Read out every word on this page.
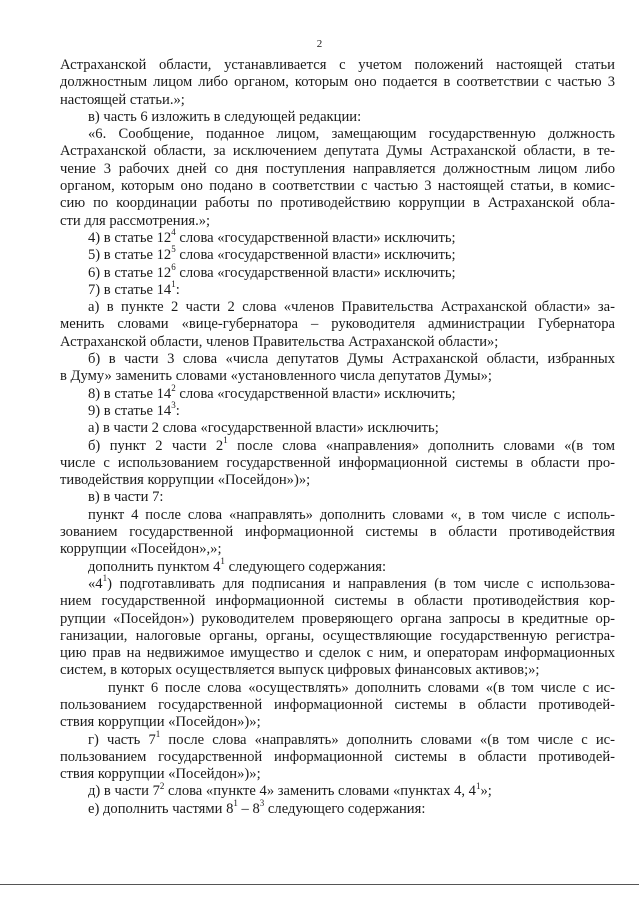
2

Астраханской области, устанавливается с учетом положений настоящей статьи

должностным лицом либо органом, которым оно подается в соответствии с частью 3

настоящей статьи.»;

в) часть 6 изложить в следующей редакции:

«6. Сообщение, поданное лицом, замещающим государственную должность

Астраханской области, за исключением депутата Думы Астраханской области, в те-

чение 3 рабочих дней со дня поступления направляется должностным лицом либо

органом, которым оно подано в соответствии с частью 3 настоящей статьи, в комис-

сию по координации работы по противодействию коррупции в Астраханской обла-

сти для рассмотрения.»;

4) в статье $12^4$ слова «государственной власти» исключить;

5) в статье $12^5$ слова «государственной власти» исключить;

6) в статье $12^6$ слова «государственной власти» исключить;

7) в статье $14^1$:

а) в пункте 2 части 2 слова «членов Правительства Астраханской области» за-

менить словами «вице-губернатора – руководителя администрации Губернатора

Астраханской области, членов Правительства Астраханской области»;

б) в части 3 слова «числа депутатов Думы Астраханской области, избранных

в Думу» заменить словами «установленного числа депутатов Думы»;

8) в статье $14^2$ слова «государственной власти» исключить;

9) в статье $14^3$:

а) в части 2 слова «государственной власти» исключить;

б) пункт 2 части $2^1$ после слова «направления» дополнить словами «(в том

числе с использованием государственной информационной системы в области про-

тиводействия коррупции «Посейдон»)»;

в) в части 7:

пункт 4 после слова «направлять» дополнить словами «, в том числе с исполь-

зованием государственной информационной системы в области противодействия

коррупции «Посейдон»,»;

дополнить пунктом $4^1$ следующего содержания:

«$4^1$) подготавливать для подписания и направления (в том числе с использова-

нием государственной информационной системы в области противодействия кор-

рупции «Посейдон») руководителем проверяющего органа запросы в кредитные ор-

ганизации, налоговые органы, органы, осуществляющие государственную регистра-

цию прав на недвижимое имущество и сделок с ним, и операторам информационных

систем, в которых осуществляется выпуск цифровых финансовых активов;»;

пункт 6 после слова «осуществлять» дополнить словами «(в том числе с ис-

пользованием государственной информационной системы в области противодей-

ствия коррупции «Посейдон»)»;

г) часть $7^1$ после слова «направлять» дополнить словами «(в том числе с ис-

пользованием государственной информационной системы в области противодей-

ствия коррупции «Посейдон»)»;

д) в части $7^2$ слова «пункте 4» заменить словами «пунктах 4, $4^1$»;

е) дополнить частями $8^1 - 8^3$ следующего содержания:
